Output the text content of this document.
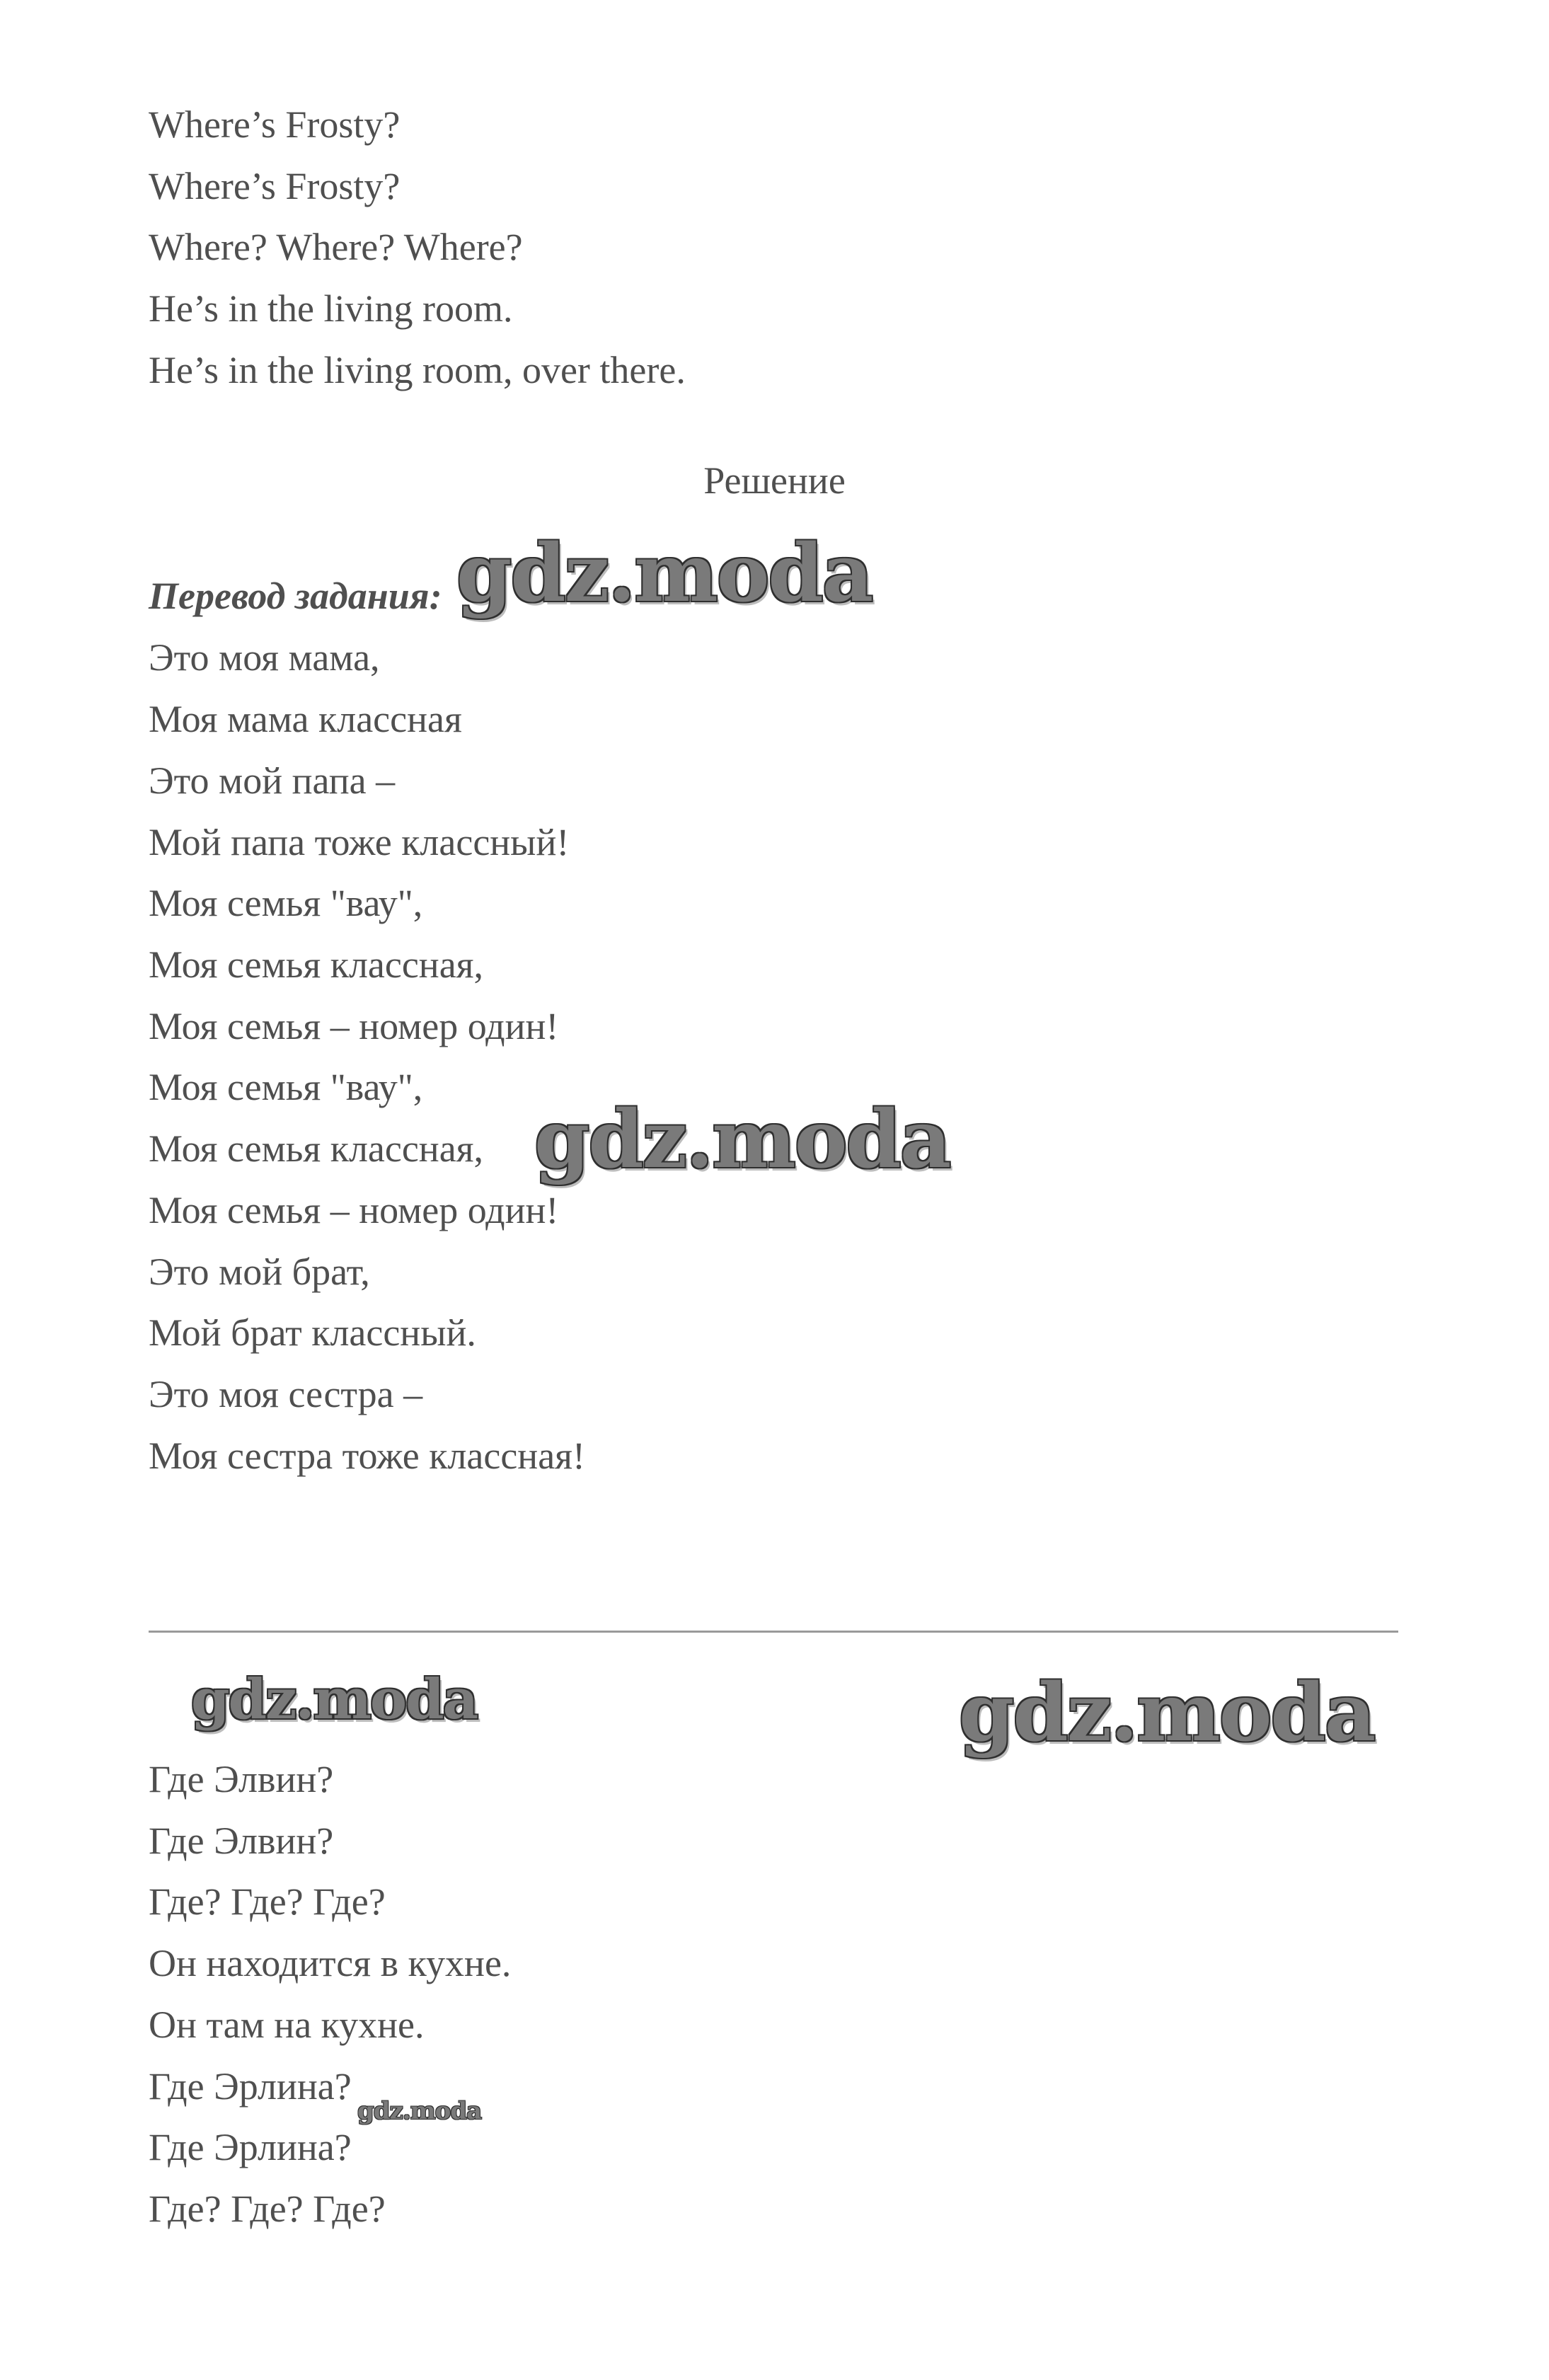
Where’s Frosty?
Where’s Frosty?
Where? Where? Where?
He’s in the living room.
He’s in the living room, over there.
Решение
Перевод задания:
Это моя мама,
Моя мама классная
Это мой папа –
Мой папа тоже классный!
Моя семья "вау",
Моя семья классная,
Моя семья – номер один!
Моя семья "вау",
Моя семья классная,
Моя семья – номер один!
Это мой брат,
Мой брат классный.
Это моя сестра –
Моя сестра тоже классная!
Где Элвин?
Где Элвин?
Где? Где? Где?
Он находится в кухне.
Он там на кухне.
Где Эрлина?
Где Эрлина?
Где? Где? Где?
gdz.moda
gdz.moda
gdz.moda	gdz.moda
gdz.moda
